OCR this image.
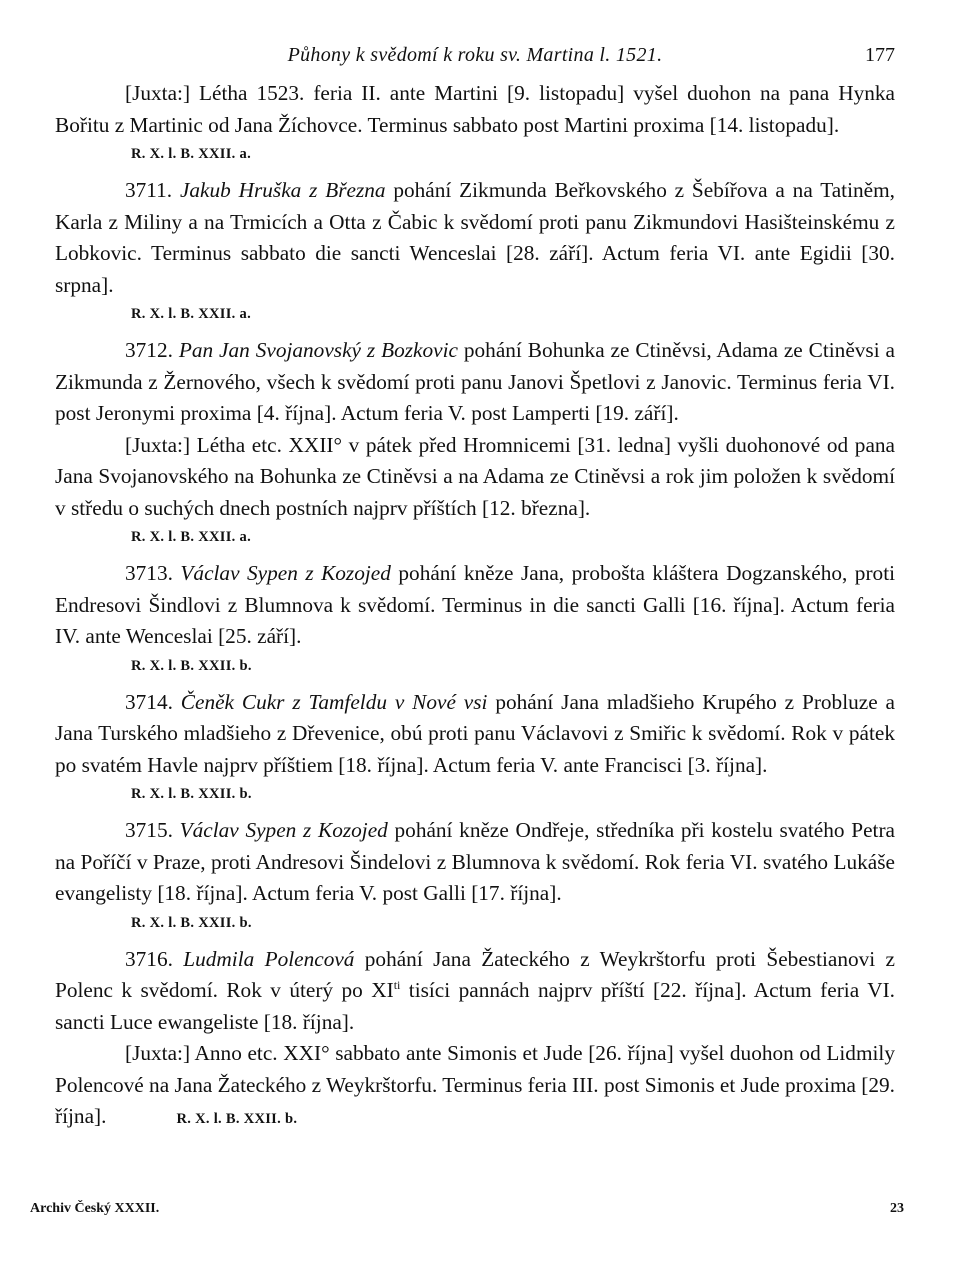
Půhony k svědomí k roku sv. Martina l. 1521.	177

[Juxta:] Létha 1523. feria II. ante Martini [9. listopadu] vyšel duohon na pana Hynka Bořitu z Martinic od Jana Žíchovce. Terminus sabbato post Martini proxima [14. listopadu].

R. X. l. B. XXII. a.

3711. Jakub Hruška z Března pohání Zikmunda Beřkovského z Šebířova a na Tatiněm, Karla z Miliny a na Trmicích a Otta z Čabic k svědomí proti panu Zikmundovi Hasišteinskému z Lobkovic. Terminus sabbato die sancti Wenceslai [28. září]. Actum feria VI. ante Egidii [30. srpna].

R. X. l. B. XXII. a.

3712. Pan Jan Svojanovský z Bozkovic pohání Bohunka ze Ctiněvsi, Adama ze Ctiněvsi a Zikmunda z Žernového, všech k svědomí proti panu Janovi Špetlovi z Janovic. Terminus feria VI. post Jeronymi proxima [4. října]. Actum feria V. post Lamperti [19. září].

[Juxta:] Létha etc. XXII° v pátek před Hromnicemi [31. ledna] vyšli duohonové od pana Jana Svojanovského na Bohunka ze Ctiněvsi a na Adama ze Ctiněvsi a rok jim položen k svědomí v středu o suchých dnech postních najprv příštích [12. března].

R. X. l. B. XXII. a.

3713. Václav Sypen z Kozojed pohání kněze Jana, probošta kláštera Dogzanského, proti Endresovi Šindlovi z Blumnova k svědomí. Terminus in die sancti Galli [16. října]. Actum feria IV. ante Wenceslai [25. září].

R. X. l. B. XXII. b.

3714. Čeněk Cukr z Tamfeldu v Nové vsi pohání Jana mladšieho Krupého z Probluze a Jana Turského mladšieho z Dřevenice, obú proti panu Václavovi z Smiřic k svědomí. Rok v pátek po svatém Havle najprv příštiem [18. října]. Actum feria V. ante Francisci [3. října].

R. X. l. B. XXII. b.

3715. Václav Sypen z Kozojed pohání kněze Ondřeje, středníka při kostelu svatého Petra na Poříčí v Praze, proti Andresovi Šindelovi z Blumnova k svědomí. Rok feria VI. svatého Lukáše evangelisty [18. října]. Actum feria V. post Galli [17. října].

R. X. l. B. XXII. b.

3716. Ludmila Polencová pohání Jana Žateckého z Weykrštorfu proti Šebestianovi z Polenc k svědomí. Rok v úterý po $XI^{ti}$ tisíci pannách najprv příští [22. října]. Actum feria VI. sancti Luce ewangeliste [18. října].

[Juxta:] Anno etc. XXI° sabbato ante Simonis et Jude [26. října] vyšel duohon od Lidmily Polencové na Jana Žateckého z Weykrštorfu. Terminus feria III. post Simonis et Jude proxima [29. října].	R. X. l. B. XXII. b.

Archiv Český XXXII.	23
